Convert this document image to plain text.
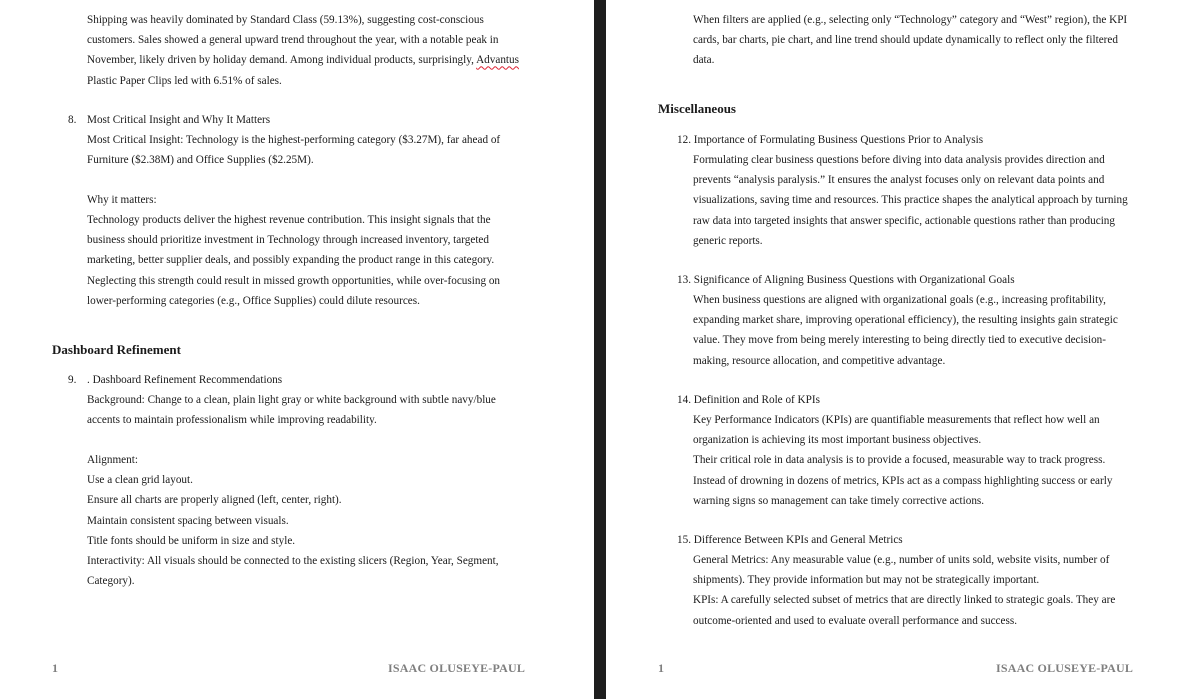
Shipping was heavily dominated by Standard Class (59.13%), suggesting cost-conscious
customers. Sales showed a general upward trend throughout the year, with a notable peak in
November, likely driven by holiday demand. Among individual products, surprisingly, Advantus
Plastic Paper Clips led with 6.51% of sales.
8. Most Critical Insight and Why It Matters
Most Critical Insight: Technology is the highest-performing category ($3.27M), far ahead of
Furniture ($2.38M) and Office Supplies ($2.25M).
Why it matters:
Technology products deliver the highest revenue contribution. This insight signals that the
business should prioritize investment in Technology through increased inventory, targeted
marketing, better supplier deals, and possibly expanding the product range in this category.
Neglecting this strength could result in missed growth opportunities, while over-focusing on
lower-performing categories (e.g., Office Supplies) could dilute resources.
Dashboard Refinement
9. . Dashboard Refinement Recommendations
Background: Change to a clean, plain light gray or white background with subtle navy/blue
accents to maintain professionalism while improving readability.
Alignment:
Use a clean grid layout.
Ensure all charts are properly aligned (left, center, right).
Maintain consistent spacing between visuals.
Title fonts should be uniform in size and style.
Interactivity: All visuals should be connected to the existing slicers (Region, Year, Segment,
Category).
1	ISAAC OLUSEYE-PAUL
When filters are applied (e.g., selecting only “Technology” category and “West” region), the KPI
cards, bar charts, pie chart, and line trend should update dynamically to reflect only the filtered
data.
Miscellaneous
12. Importance of Formulating Business Questions Prior to Analysis
Formulating clear business questions before diving into data analysis provides direction and
prevents “analysis paralysis.” It ensures the analyst focuses only on relevant data points and
visualizations, saving time and resources. This practice shapes the analytical approach by turning
raw data into targeted insights that answer specific, actionable questions rather than producing
generic reports.
13. Significance of Aligning Business Questions with Organizational Goals
When business questions are aligned with organizational goals (e.g., increasing profitability,
expanding market share, improving operational efficiency), the resulting insights gain strategic
value. They move from being merely interesting to being directly tied to executive decision-
making, resource allocation, and competitive advantage.
14. Definition and Role of KPIs
Key Performance Indicators (KPIs) are quantifiable measurements that reflect how well an
organization is achieving its most important business objectives.
Their critical role in data analysis is to provide a focused, measurable way to track progress.
Instead of drowning in dozens of metrics, KPIs act as a compass highlighting success or early
warning signs so management can take timely corrective actions.
15. Difference Between KPIs and General Metrics
General Metrics: Any measurable value (e.g., number of units sold, website visits, number of
shipments). They provide information but may not be strategically important.
KPIs: A carefully selected subset of metrics that are directly linked to strategic goals. They are
outcome-oriented and used to evaluate overall performance and success.
1	ISAAC OLUSEYE-PAUL
